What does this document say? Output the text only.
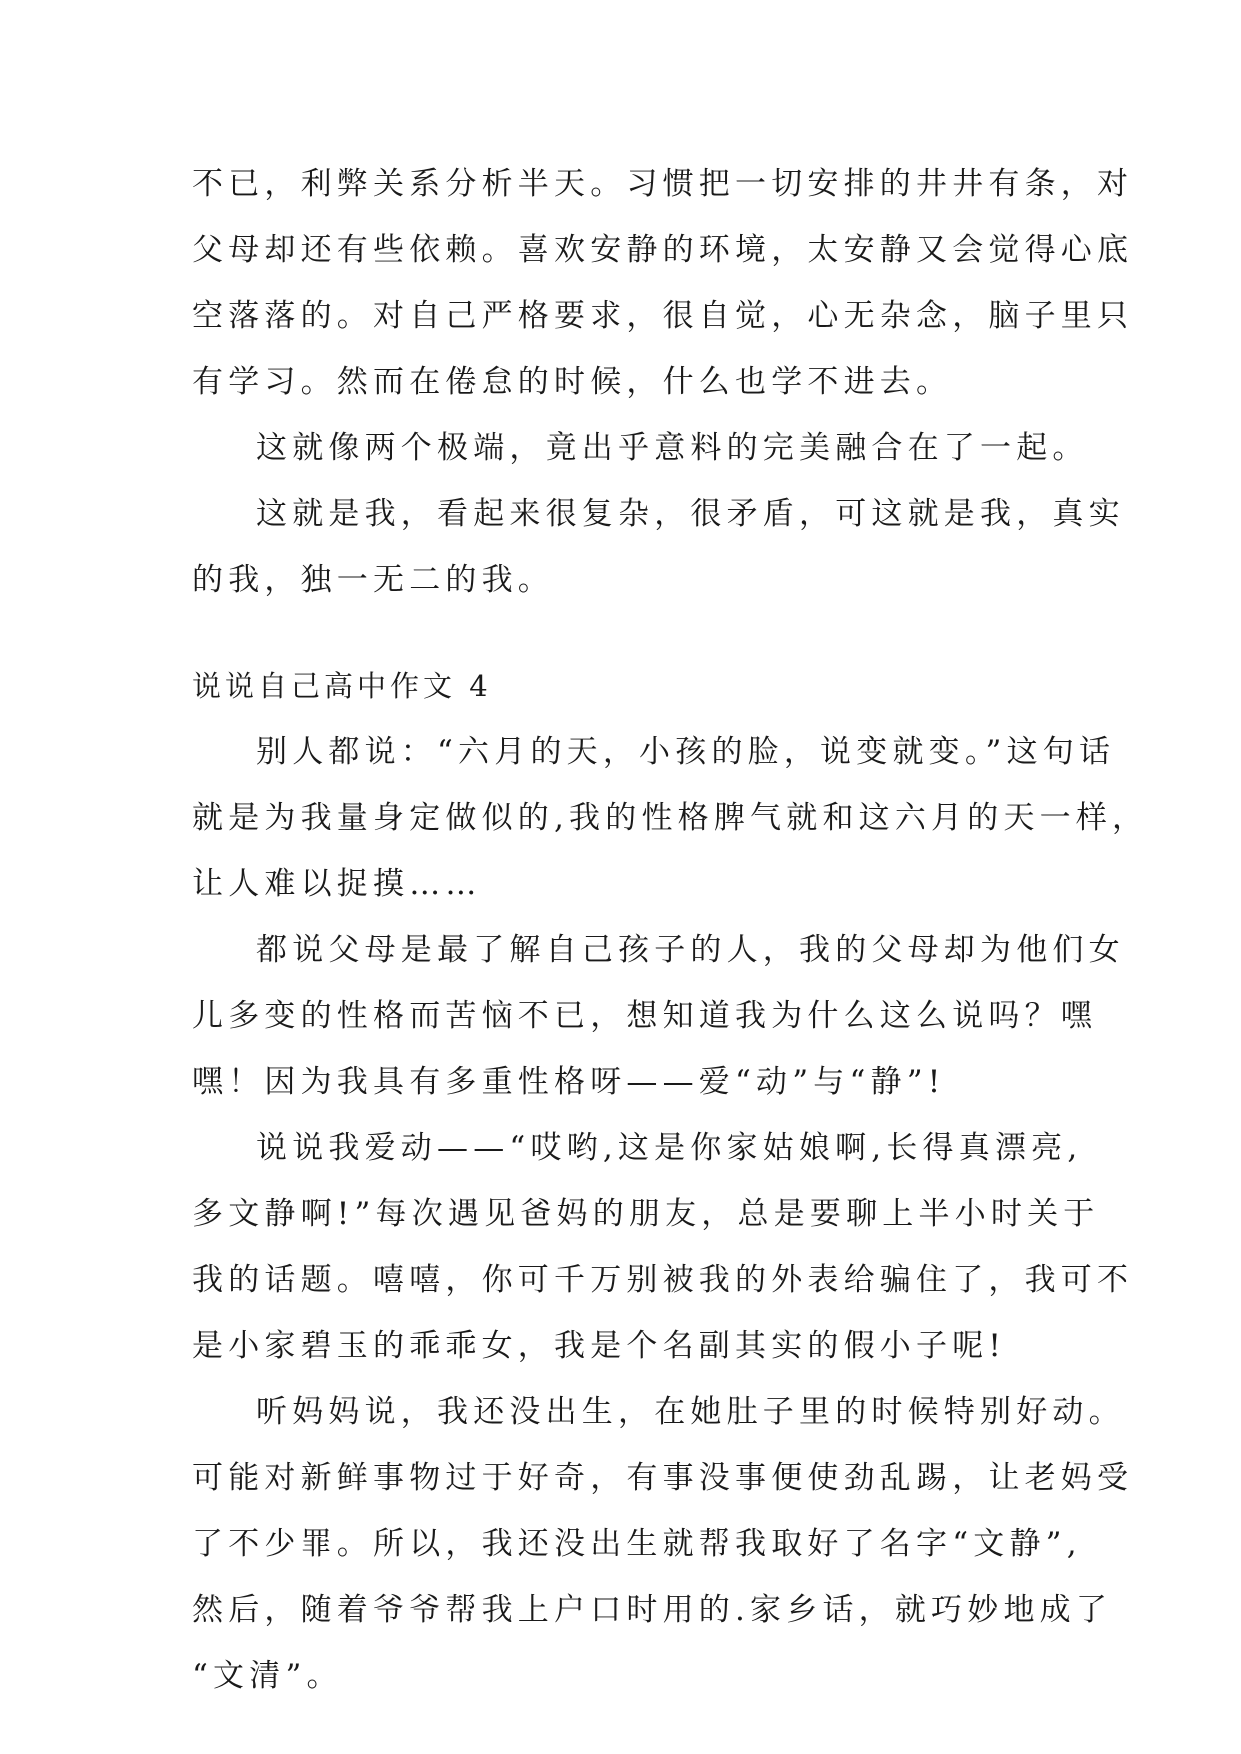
不已，利弊关系分析半天。习惯把一切安排的井井有条，对
父母却还有些依赖。喜欢安静的环境，太安静又会觉得心底
空落落的。对自己严格要求，很自觉，心无杂念，脑子里只
有学习。然而在倦怠的时候，什么也学不进去。
这就像两个极端，竟出乎意料的完美融合在了一起。
这就是我，看起来很复杂，很矛盾，可这就是我，真实
的我，独一无二的我。
说说自己高中作文 4
别人都说：“六月的天，小孩的脸，说变就变。”这句话
就是为我量身定做似的,我的性格脾气就和这六月的天一样，
让人难以捉摸……
都说父母是最了解自己孩子的人，我的父母却为他们女
儿多变的性格而苦恼不已，想知道我为什么这么说吗？嘿
嘿！因为我具有多重性格呀——爱“动”与“静”!
说说我爱动——“哎哟,这是你家姑娘啊,长得真漂亮,
多文静啊!”每次遇见爸妈的朋友，总是要聊上半小时关于
我的话题。嘻嘻，你可千万别被我的外表给骗住了，我可不
是小家碧玉的乖乖女，我是个名副其实的假小子呢!
听妈妈说，我还没出生，在她肚子里的时候特别好动。
可能对新鲜事物过于好奇，有事没事便使劲乱踢，让老妈受
了不少罪。所以，我还没出生就帮我取好了名字“文静”,
然后，随着爷爷帮我上户口时用的.家乡话，就巧妙地成了
“文清”。
